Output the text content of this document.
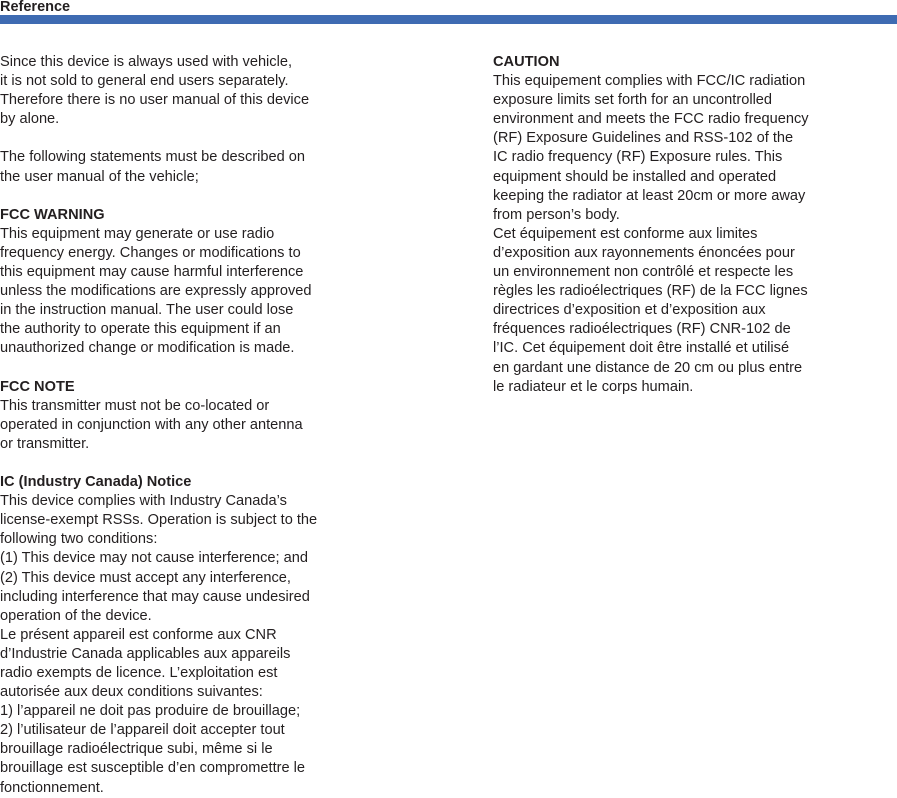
Reference
Since this device is always used with vehicle,
it is not sold to general end users separately.
Therefore there is no user manual of this device
by alone.
The following statements must be described on
the user manual of the vehicle;
FCC WARNING
This equipment may generate or use radio
frequency energy. Changes or modifications to
this equipment may cause harmful interference
unless the modifications are expressly approved
in the instruction manual. The user could lose
the authority to operate this equipment if an
unauthorized change or modification is made.
FCC NOTE
This transmitter must not be co-located or
operated in conjunction with any other antenna
or transmitter.
IC (Industry Canada) Notice
This device complies with Industry Canada’s
license-exempt RSSs. Operation is subject to the
following two conditions:
(1) This device may not cause interference; and
(2) This device must accept any interference,
including interference that may cause undesired
operation of the device.
Le présent appareil est conforme aux CNR
d’Industrie Canada applicables aux appareils
radio exempts de licence. L’exploitation est
autorisée aux deux conditions suivantes:
1) l’appareil ne doit pas produire de brouillage;
2) l’utilisateur de l’appareil doit accepter tout
brouillage radioélectrique subi, même si le
brouillage est susceptible d’en compromettre le
fonctionnement.
CAUTION
This equipement complies with FCC/IC radiation
exposure limits set forth for an uncontrolled
environment and meets the FCC radio frequency
(RF) Exposure Guidelines and RSS-102 of the
IC radio frequency (RF) Exposure rules. This
equipment should be installed and operated
keeping the radiator at least 20cm or more away
from person’s body.
Cet équipement est conforme aux limites
d’exposition aux rayonnements énoncées pour
un environnement non contrôlé et respecte les
règles les radioélectriques (RF) de la FCC lignes
directrices d’exposition et d’exposition aux
fréquences radioélectriques (RF) CNR-102 de
l’IC. Cet équipement doit être installé et utilisé
en gardant une distance de 20 cm ou plus entre
le radiateur et le corps humain.
